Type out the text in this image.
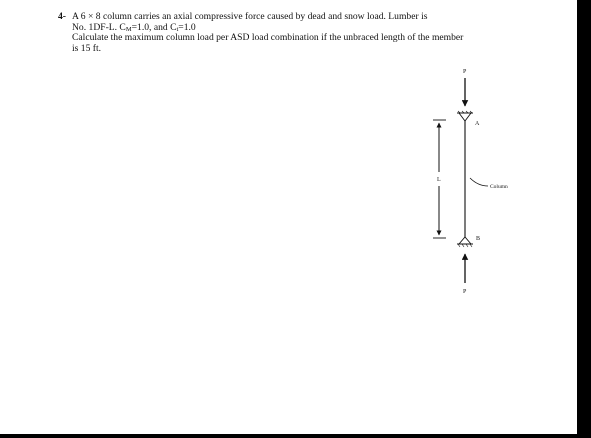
4- A 6 × 8 column carries an axial compressive force caused by dead and snow load. Lumber is
No. 1DF-L. $C_M=1.0$, and $C_t=1.0$
Calculate the maximum column load per ASD load combination if the unbraced length of the member
is 15 ft.
P
A
B
P
L
Column
